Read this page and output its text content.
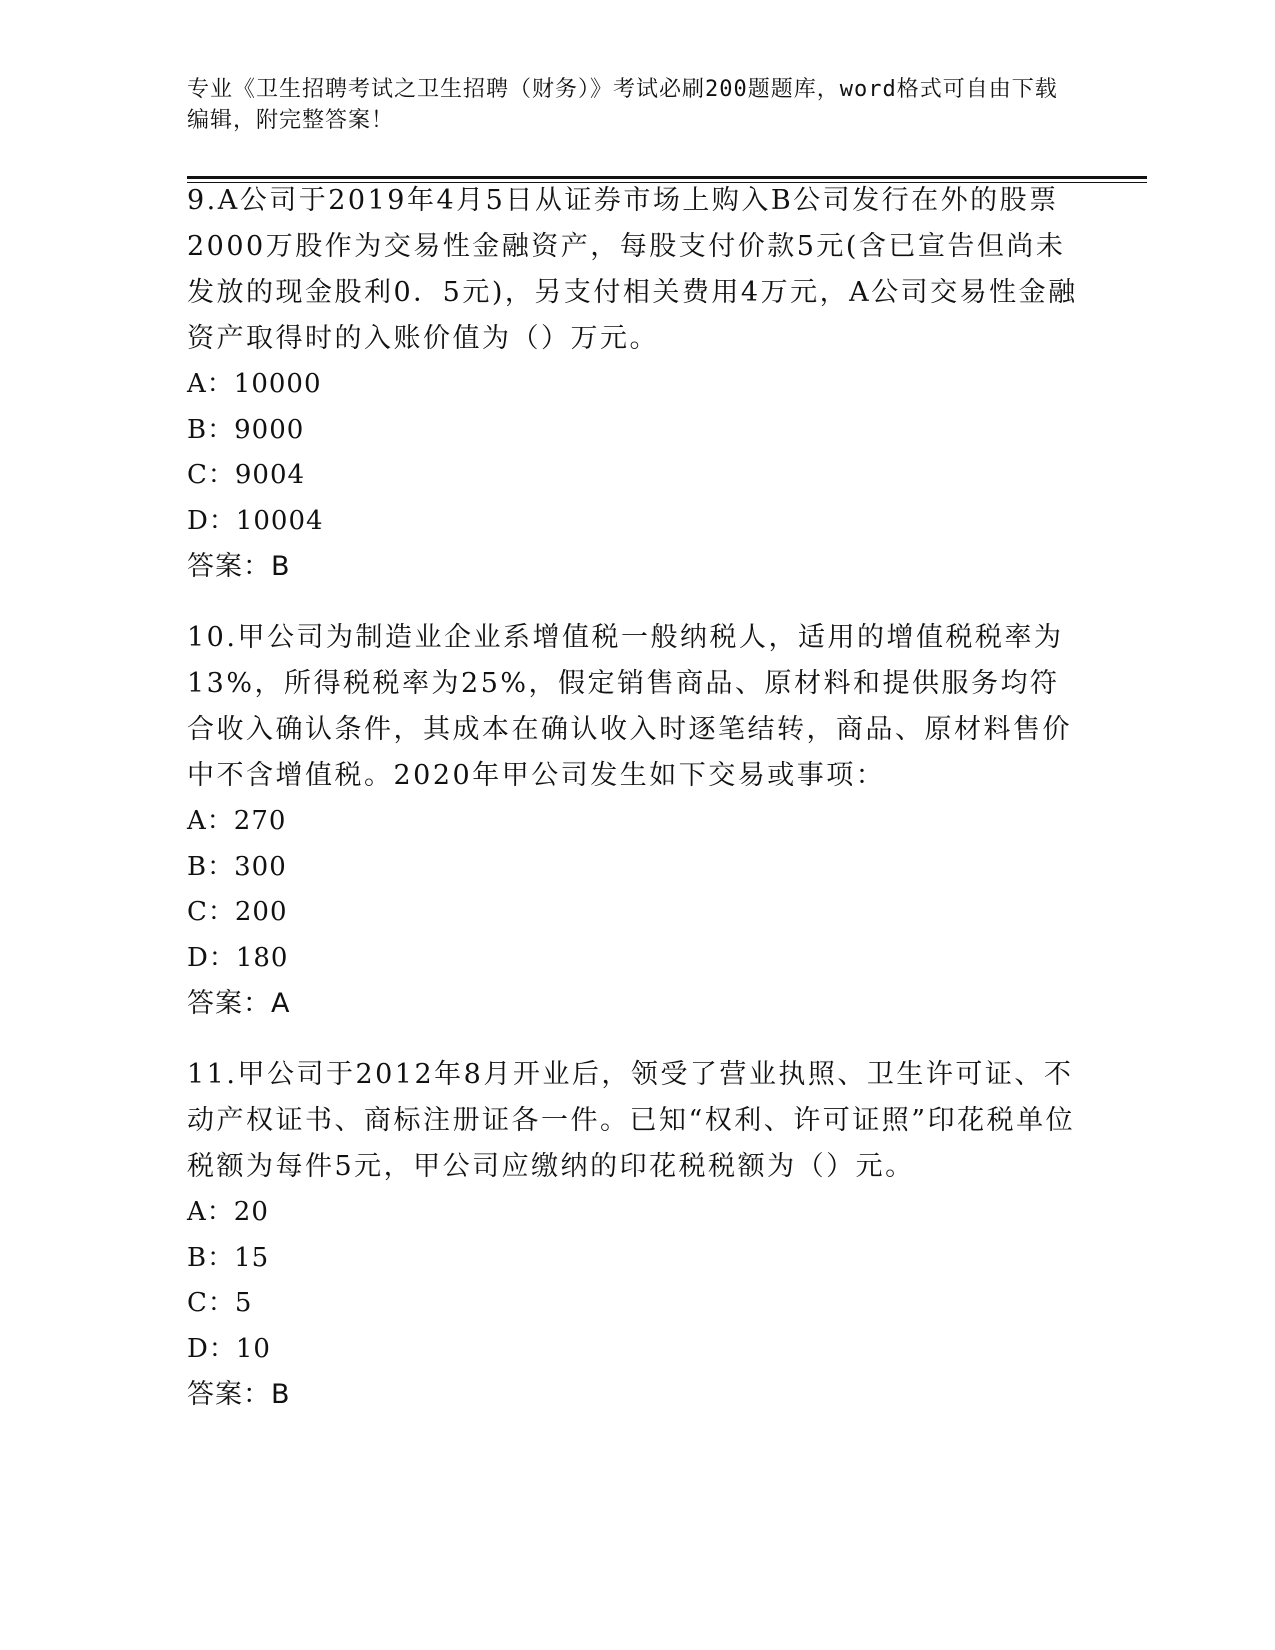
专业《卫生招聘考试之卫生招聘（财务）》考试必刷200题题库，word格式可自由下载编辑，附完整答案！

9.A公司于2019年4月5日从证券市场上购入B公司发行在外的股票2000万股作为交易性金融资产，每股支付价款5元(含已宣告但尚未发放的现金股利0．5元)，另支付相关费用4万元，A公司交易性金融资产取得时的入账价值为（）万元。

A：10000
B：9000
C：9004
D：10004

答案：B

10.甲公司为制造业企业系增值税一般纳税人，适用的增值税税率为13%，所得税税率为25%，假定销售商品、原材料和提供服务均符合收入确认条件，其成本在确认收入时逐笔结转，商品、原材料售价中不含增值税。2020年甲公司发生如下交易或事项：

A：270
B：300
C：200
D：180

答案：A

11.甲公司于2012年8月开业后，领受了营业执照、卫生许可证、不动产权证书、商标注册证各一件。已知“权利、许可证照”印花税单位税额为每件5元，甲公司应缴纳的印花税税额为（）元。

A：20
B：15
C：5
D：10

答案：B
